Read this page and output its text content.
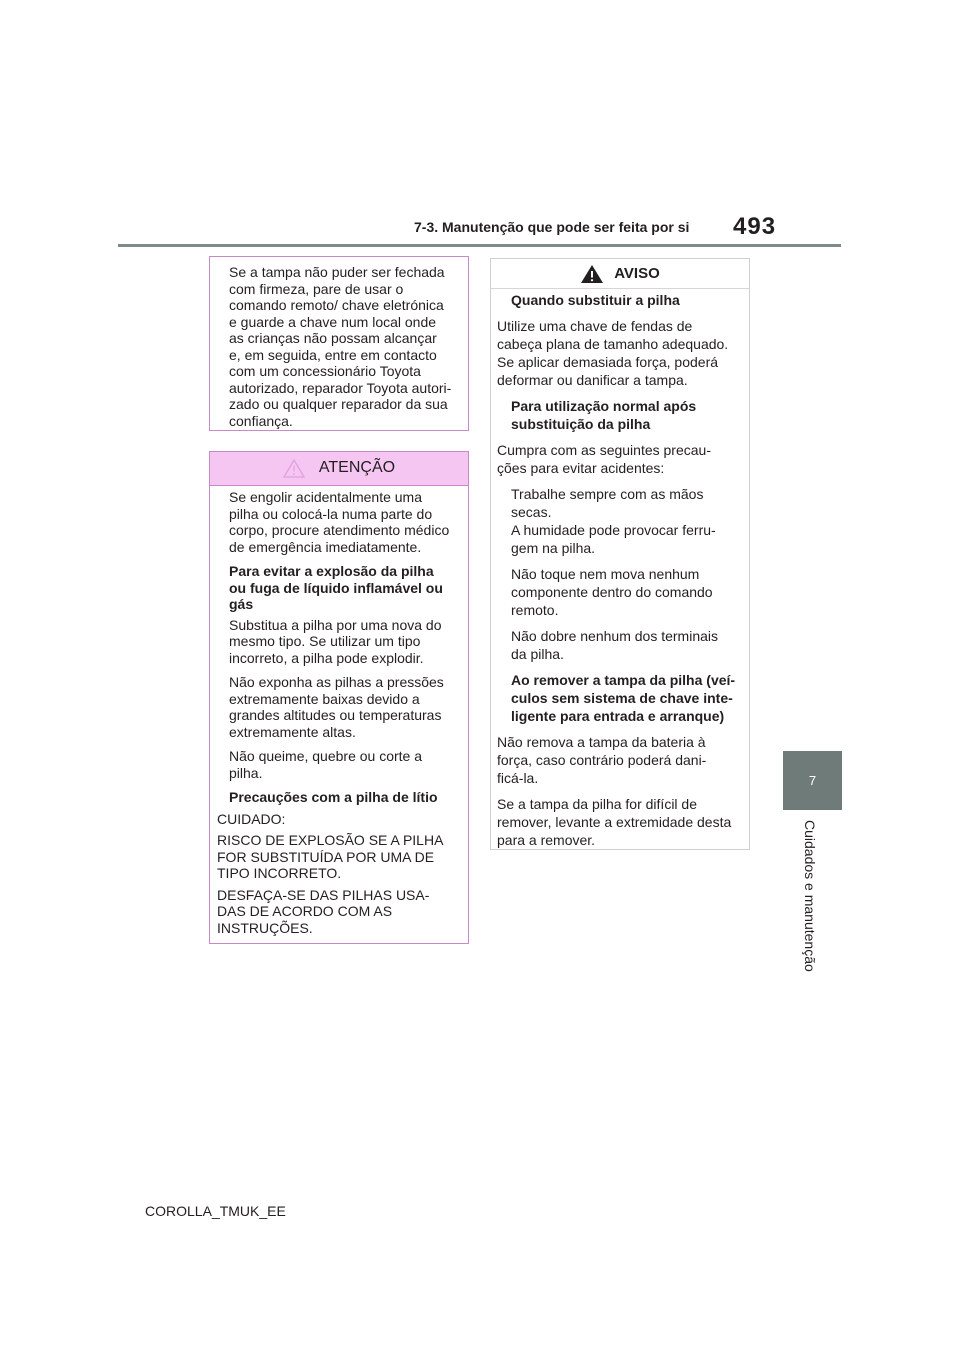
7-3. Manutenção que pode ser feita por si 493
7
Cuidados e manutenção

Se a tampa não puder ser fechada
com firmeza, pare de usar o
comando remoto/ chave eletrónica
e guarde a chave num local onde
as crianças não possam alcançar
e, em seguida, entre em contacto
com um concessionário Toyota
autorizado, reparador Toyota autori-
zado ou qualquer reparador da sua
confiança.

ATENÇÃO

Se engolir acidentalmente uma
pilha ou colocá-la numa parte do
corpo, procure atendimento médico
de emergência imediatamente.

Para evitar a explosão da pilha
ou fuga de líquido inflamável ou
gás

Substitua a pilha por uma nova do
mesmo tipo. Se utilizar um tipo
incorreto, a pilha pode explodir.

Não exponha as pilhas a pressões
extremamente baixas devido a
grandes altitudes ou temperaturas
extremamente altas.

Não queime, quebre ou corte a
pilha.

Precauções com a pilha de lítio

CUIDADO:

RISCO DE EXPLOSÃO SE A PILHA
FOR SUBSTITUÍDA POR UMA DE
TIPO INCORRETO.

DESFAÇA-SE DAS PILHAS USA-
DAS DE ACORDO COM AS
INSTRUÇÕES.

AVISO

Quando substituir a pilha

Utilize uma chave de fendas de
cabeça plana de tamanho adequado.
Se aplicar demasiada força, poderá
deformar ou danificar a tampa.

Para utilização normal após
substituição da pilha

Cumpra com as seguintes precau-
ções para evitar acidentes:

Trabalhe sempre com as mãos
secas.
A humidade pode provocar ferru-
gem na pilha.

Não toque nem mova nenhum
componente dentro do comando
remoto.

Não dobre nenhum dos terminais
da pilha.

Ao remover a tampa da pilha (veí-
culos sem sistema de chave inte-
ligente para entrada e arranque)

Não remova a tampa da bateria à
força, caso contrário poderá dani-
ficá-la.

Se a tampa da pilha for difícil de
remover, levante a extremidade desta
para a remover.

COROLLA_TMUK_EE
